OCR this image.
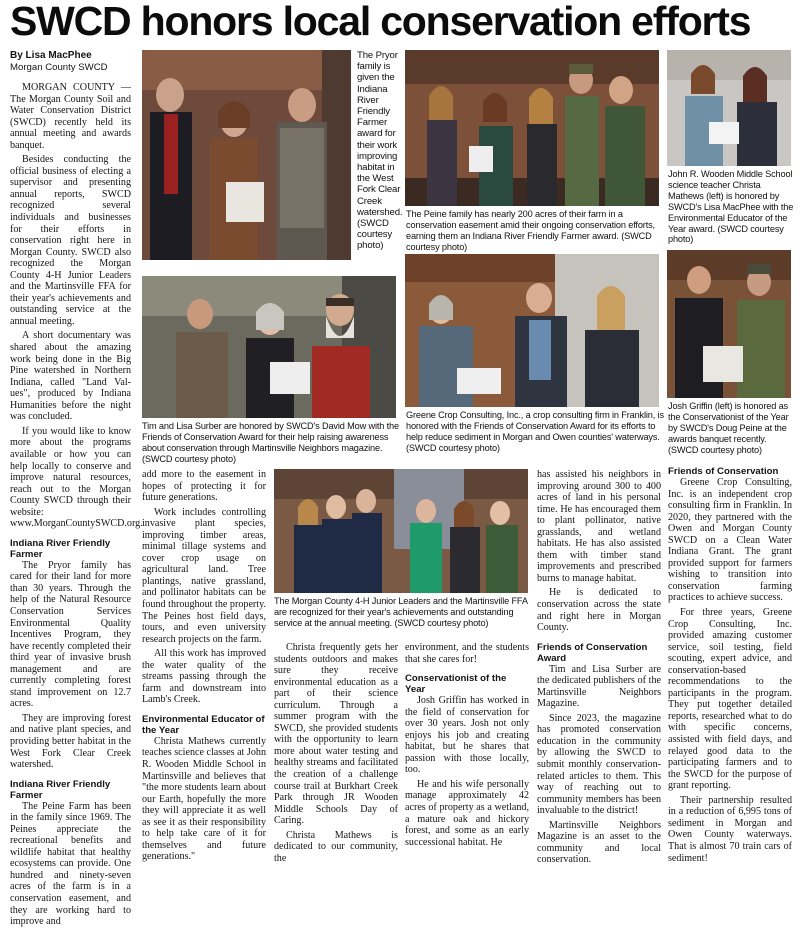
SWCD honors local conservation efforts
By Lisa MacPhee
Morgan County SWCD

MORGAN COUNTY — The Morgan County Soil and Water Conservation District (SWCD) recently held its annual meeting and awards banquet.

Besides conducting the official business of electing a supervisor and presenting annual reports, SWCD recognized several individuals and businesses for their efforts in conservation right here in Morgan County. SWCD also recognized the Morgan County 4-H Junior Leaders and the Martinsville FFA for their year's achievements and outstanding service at the annual meeting.

A short documentary was shared about the amazing work being done in the Big Pine watershed in Northern Indiana, called "Land Val-ues", produced by Indiana Humanities before the night was concluded.

If you would like to know more about the programs available or how you can help locally to conserve and improve natural resources, reach out to the Morgan County SWCD through their website: www.MorganCountySWCD.org.

Indiana River Friendly Farmer

The Pryor family has cared for their land for more than 30 years. Through the help of the Natural Resource Conservation Services Environmental Quality Incentives Program, they have recently completed their third year of invasive brush management and are currently completing forest stand improvement on 12.7 acres.

They are improving forest and native plant species, and providing better habitat in the West Fork Clear Creek watershed.

Indiana River Friendly Farmer

The Peine Farm has been in the family since 1969. The Peines appreciate the recreational benefits and wildlife habitat that healthy ecosystems can provide. One hundred and ninety-seven acres of the farm is in a conservation easement, and they are working hard to improve and

add more to the easement in hopes of protecting it for future generations.

Work includes controlling invasive plant species, improving timber areas, minimal tillage systems and cover crop usage on agricultural land. Tree plantings, native grassland, and pollinator habitats can be found throughout the property. The Peines host field days, tours, and even university research projects on the farm.

All this work has improved the water quality of the streams passing through the farm and downstream into Lamb's Creek.

Environmental Educator of the Year

Christa Mathews currently teaches science classes at John R. Wooden Middle School in Martinsville and believes that "the more students learn about our Earth, hopefully the more they will appreciate it as well as see it as their responsibility to help take care of it for themselves and future generations."

Christa frequently gets her students outdoors and makes sure they receive environmental education as a part of their science curriculum. Through a summer program with the SWCD, she provided students with the opportunity to learn more about water testing and healthy streams and facilitated the creation of a challenge course trail at Burkhart Creek Park through JR Wooden Middle Schools Day of Caring.

Christa Mathews is dedicated to our community, the

environment, and the students that she cares for!

Conservationist of the Year

Josh Griffin has worked in the field of conservation for over 30 years. Josh not only enjoys his job and creating habitat, but he shares that passion with those locally, too.

He and his wife personally manage approximately 42 acres of property as a wetland, a mature oak and hickory forest, and some as an early successional habitat. He

has assisted his neighbors in improving around 300 to 400 acres of land in his personal time. He has encouraged them to plant pollinator, native grasslands, and wetland habitats. He has also assisted them with timber stand improvements and prescribed burns to manage habitat.

He is dedicated to conservation across the state and right here in Morgan County.

Friends of Conservation Award

Tim and Lisa Surber are the dedicated publishers of the Martinsville Neighbors Magazine.

Since 2023, the magazine has promoted conservation education in the community by allowing the SWCD to submit monthly conservation-related articles to them. This way of reaching out to community members has been invaluable to the district!

Martinsville Neighbors Magazine is an asset to the community and local conservation.

Friends of Conservation

Greene Crop Consulting, Inc. is an independent crop consulting firm in Franklin. In 2020, they partnered with the Owen and Morgan County SWCD on a Clean Water Indiana Grant. The grant provided support for farmers wishing to transition into conservation farming practices to achieve success.

For three years, Greene Crop Consulting, Inc. provided amazing customer service, soil testing, field scouting, expert advice, and conservation-based recommendations to the participants in the program. They put together detailed reports, researched what to do with specific concerns, assisted with field days, and relayed good data to the participating farmers and to the SWCD for the purpose of grant reporting.

Their partnership resulted in a reduction of 6,995 tons of sediment in Morgan and Owen County waterways. That is almost 70 train cars of sediment!

The Pryor family is given the Indiana River Friendly Farmer award for their work improving habitat in the West Fork Clear Creek watershed. (SWCD courtesy photo)
The Peine family has nearly 200 acres of their farm in a conservation easement amid their ongoing conservation efforts, earning them an Indiana River Friendly Farmer award. (SWCD courtesy photo)
John R. Wooden Middle School science teacher Christa Mathews (left) is honored by SWCD's Lisa MacPhee with the Environmental Educator of the Year award. (SWCD courtesy photo)
Tim and Lisa Surber are honored by SWCD's David Mow with the Friends of Conservation Award for their help raising awareness about conservation through Martinsville Neighbors magazine. (SWCD courtesy photo)
Greene Crop Consulting, Inc., a crop consulting firm in Franklin, is honored with the Friends of Conservation Award for its efforts to help reduce sediment in Morgan and Owen counties' waterways. (SWCD courtesy photo)
Josh Griffin (left) is honored as the Conservationist of the Year by SWCD's Doug Peine at the awards banquet recently. (SWCD courtesy photo)
The Morgan County 4-H Junior Leaders and the Martinsville FFA are recognized for their year's achievements and outstanding service at the annual meeting. (SWCD courtesy photo)
